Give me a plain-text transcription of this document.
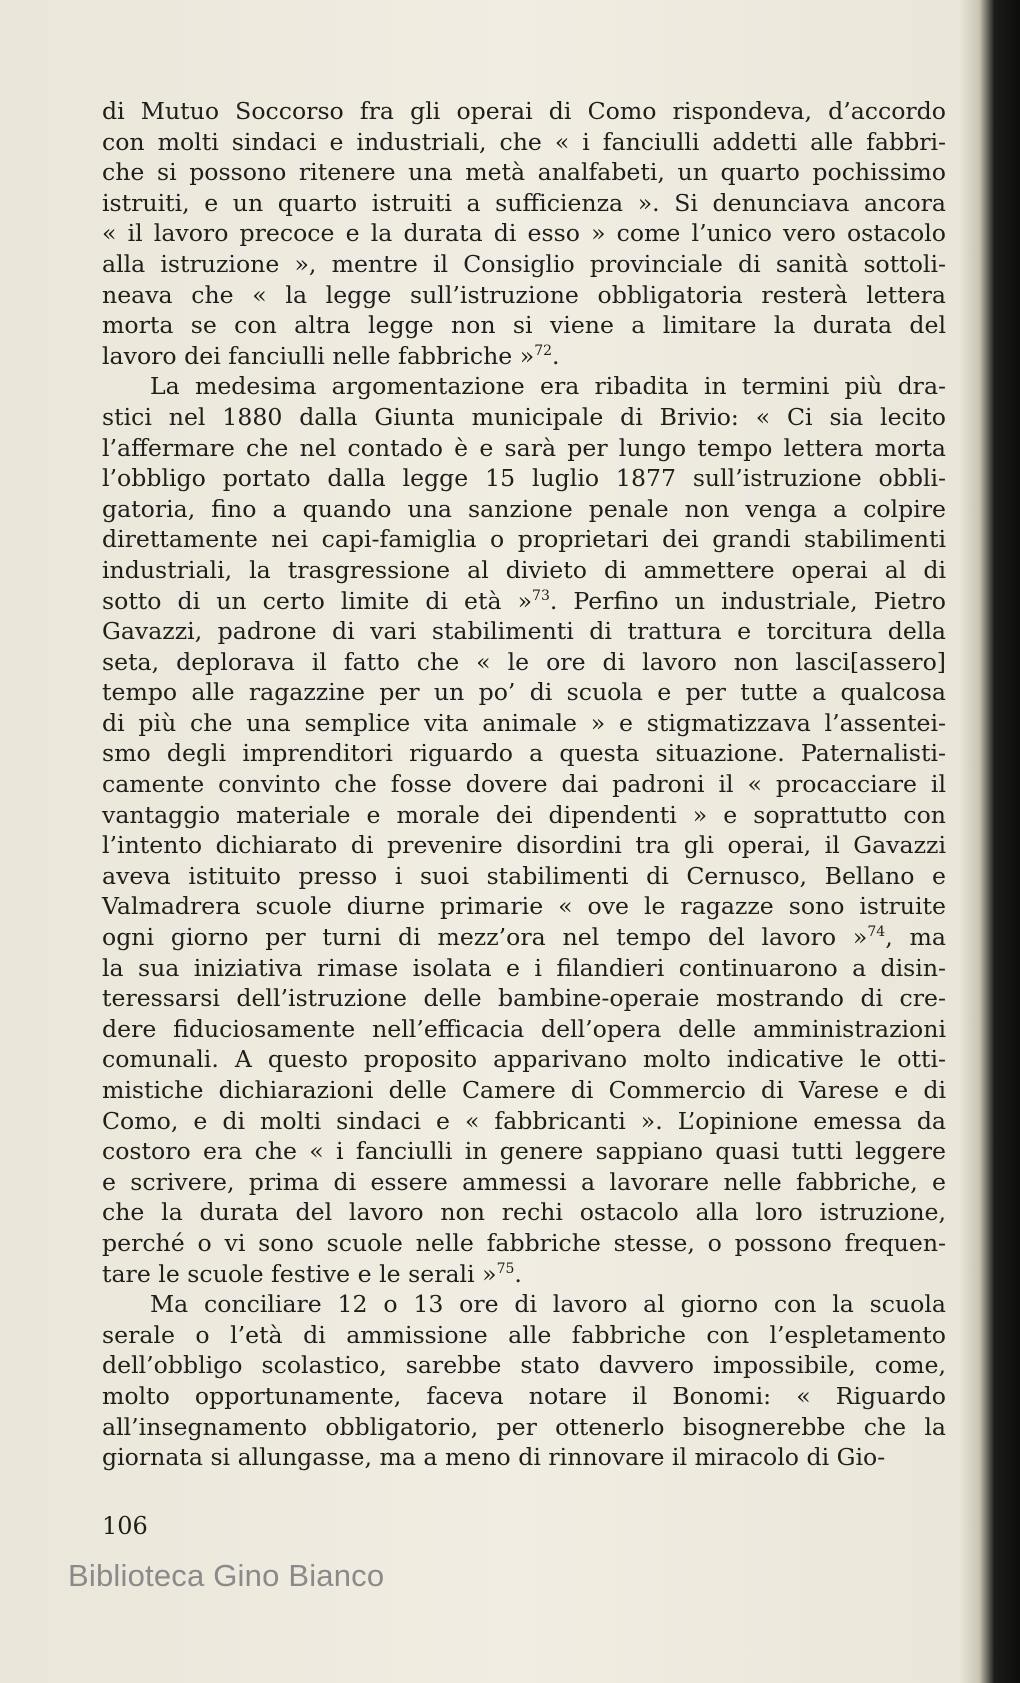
di Mutuo Soccorso fra gli operai di Como rispondeva, d’accordo
con molti sindaci e industriali, che « i fanciulli addetti alle fabbri-
che si possono ritenere una metà analfabeti, un quarto pochissimo
istruiti, e un quarto istruiti a sufficienza ». Si denunciava ancora
« il lavoro precoce e la durata di esso » come l’unico vero ostacolo
alla istruzione », mentre il Consiglio provinciale di sanità sottoli-
neava che « la legge sull’istruzione obbligatoria resterà lettera
morta se con altra legge non si viene a limitare la durata del
lavoro dei fanciulli nelle fabbriche »$^{72}$.
La medesima argomentazione era ribadita in termini più dra-
stici nel 1880 dalla Giunta municipale di Brivio: « Ci sia lecito
l’affermare che nel contado è e sarà per lungo tempo lettera morta
l’obbligo portato dalla legge 15 luglio 1877 sull’istruzione obbli-
gatoria, fino a quando una sanzione penale non venga a colpire
direttamente nei capi-famiglia o proprietari dei grandi stabilimenti
industriali, la trasgressione al divieto di ammettere operai al di
sotto di un certo limite di età »$^{73}$. Perfino un industriale, Pietro
Gavazzi, padrone di vari stabilimenti di trattura e torcitura della
seta, deplorava il fatto che « le ore di lavoro non lasci[assero]
tempo alle ragazzine per un po’ di scuola e per tutte a qualcosa
di più che una semplice vita animale » e stigmatizzava l’assentei-
smo degli imprenditori riguardo a questa situazione. Paternalisti-
camente convinto che fosse dovere dai padroni il « procacciare il
vantaggio materiale e morale dei dipendenti » e soprattutto con
l’intento dichiarato di prevenire disordini tra gli operai, il Gavazzi
aveva istituito presso i suoi stabilimenti di Cernusco, Bellano e
Valmadrera scuole diurne primarie « ove le ragazze sono istruite
ogni giorno per turni di mezz’ora nel tempo del lavoro »$^{74}$, ma
la sua iniziativa rimase isolata e i filandieri continuarono a disin-
teressarsi dell’istruzione delle bambine-operaie mostrando di cre-
dere fiduciosamente nell’efficacia dell’opera delle amministrazioni
comunali. A questo proposito apparivano molto indicative le otti-
mistiche dichiarazioni delle Camere di Commercio di Varese e di
Como, e di molti sindaci e « fabbricanti ». L’opinione emessa da
costoro era che « i fanciulli in genere sappiano quasi tutti leggere
e scrivere, prima di essere ammessi a lavorare nelle fabbriche, e
che la durata del lavoro non rechi ostacolo alla loro istruzione,
perché o vi sono scuole nelle fabbriche stesse, o possono frequen-
tare le scuole festive e le serali »$^{75}$.
Ma conciliare 12 o 13 ore di lavoro al giorno con la scuola
serale o l’età di ammissione alle fabbriche con l’espletamento
dell’obbligo scolastico, sarebbe stato davvero impossibile, come,
molto opportunamente, faceva notare il Bonomi: « Riguardo
all’insegnamento obbligatorio, per ottenerlo bisognerebbe che la
giornata si allungasse, ma a meno di rinnovare il miracolo di Gio-
106
Biblioteca Gino Bianco
